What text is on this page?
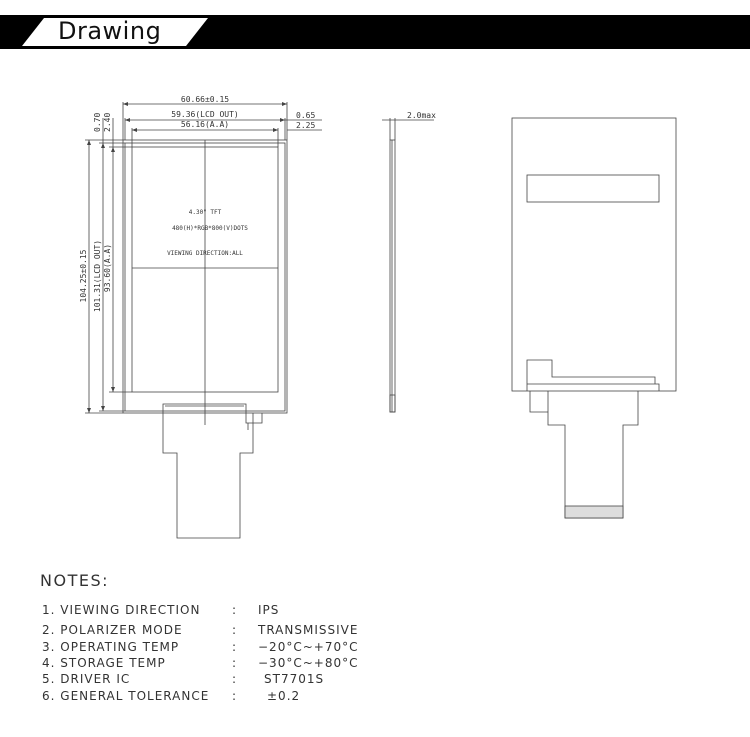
Drawing
60.66±0.15
59.36(LCD OUT)
56.16(A.A)
0.65
2.25
0.70 2.40
104.25±0.15 101.31(LCD OUT) 93.60(A.A)
4.30" TFT
480(H)*RGB*800(V)DOTS
VIEWING DIRECTION:ALL
2.0max
NOTES:
1. VIEWING DIRECTION	: IPS
2. POLARIZER MODE	: TRANSMISSIVE
3. OPERATING TEMP	: −20°C~+70°C
4. STORAGE TEMP	: −30°C~+80°C
5. DRIVER IC	: ST7701S
6. GENERAL TOLERANCE : ±0.2
